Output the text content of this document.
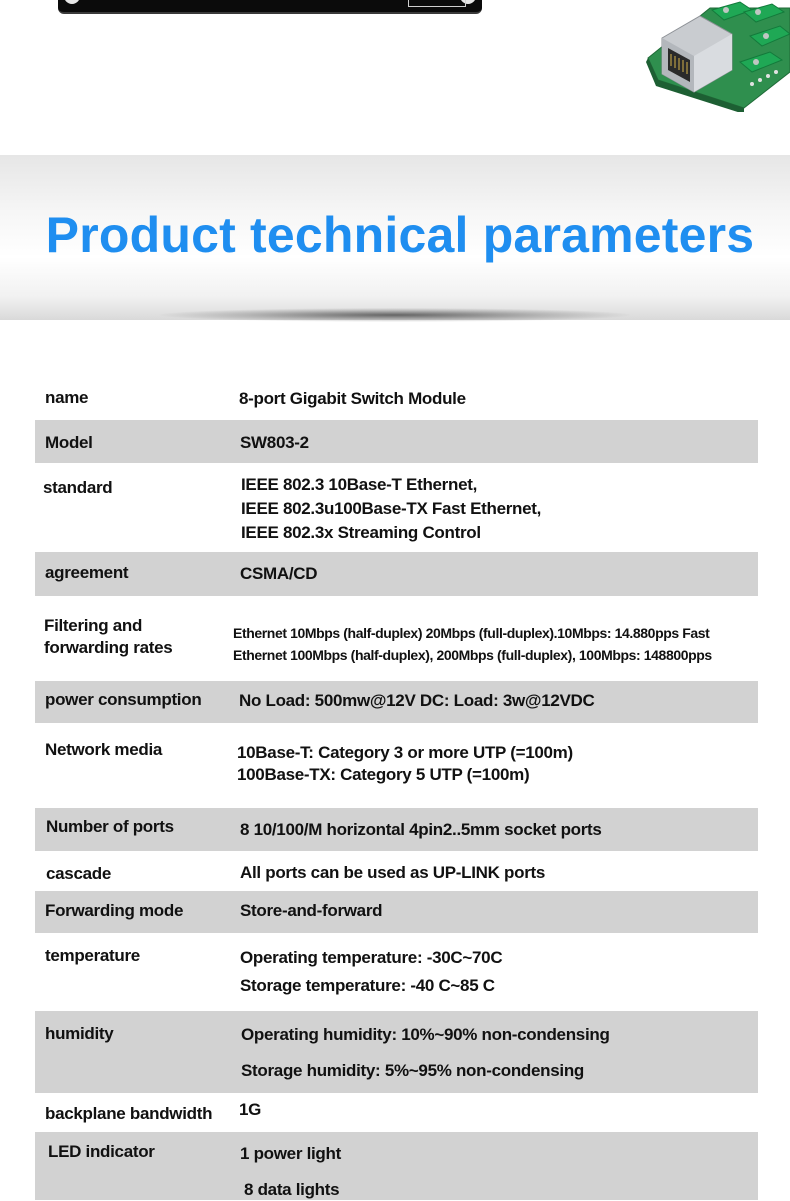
Product technical parameters
name	8-port Gigabit Switch Module
Model	SW803-2
standard	IEEE 802.3 10Base-T Ethernet,
IEEE 802.3u100Base-TX Fast Ethernet,
IEEE 802.3x Streaming Control
agreement	CSMA/CD
Filtering and
forwarding rates
Ethernet 10Mbps (half-duplex) 20Mbps (full-duplex).10Mbps: 14.880pps Fast
Ethernet 100Mbps (half-duplex), 200Mbps (full-duplex), 100Mbps: 148800pps
power consumption No Load: 500mw@12V DC: Load: 3w@12VDC
Network media	10Base-T: Category 3 or more UTP (=100m)
100Base-TX: Category 5 UTP (=100m)
Number of ports	8 10/100/M horizontal 4pin2..5mm socket ports
cascade	All ports can be used as UP-LINK ports
Forwarding mode	Store-and-forward
temperature	Operating temperature: -30C~70C
Storage temperature: -40 C~85 C
humidity	Operating humidity: 10%~90% non-condensing
Storage humidity: 5%~95% non-condensing
backplane bandwidth 1G
LED indicator	1 power light
8 data lights
